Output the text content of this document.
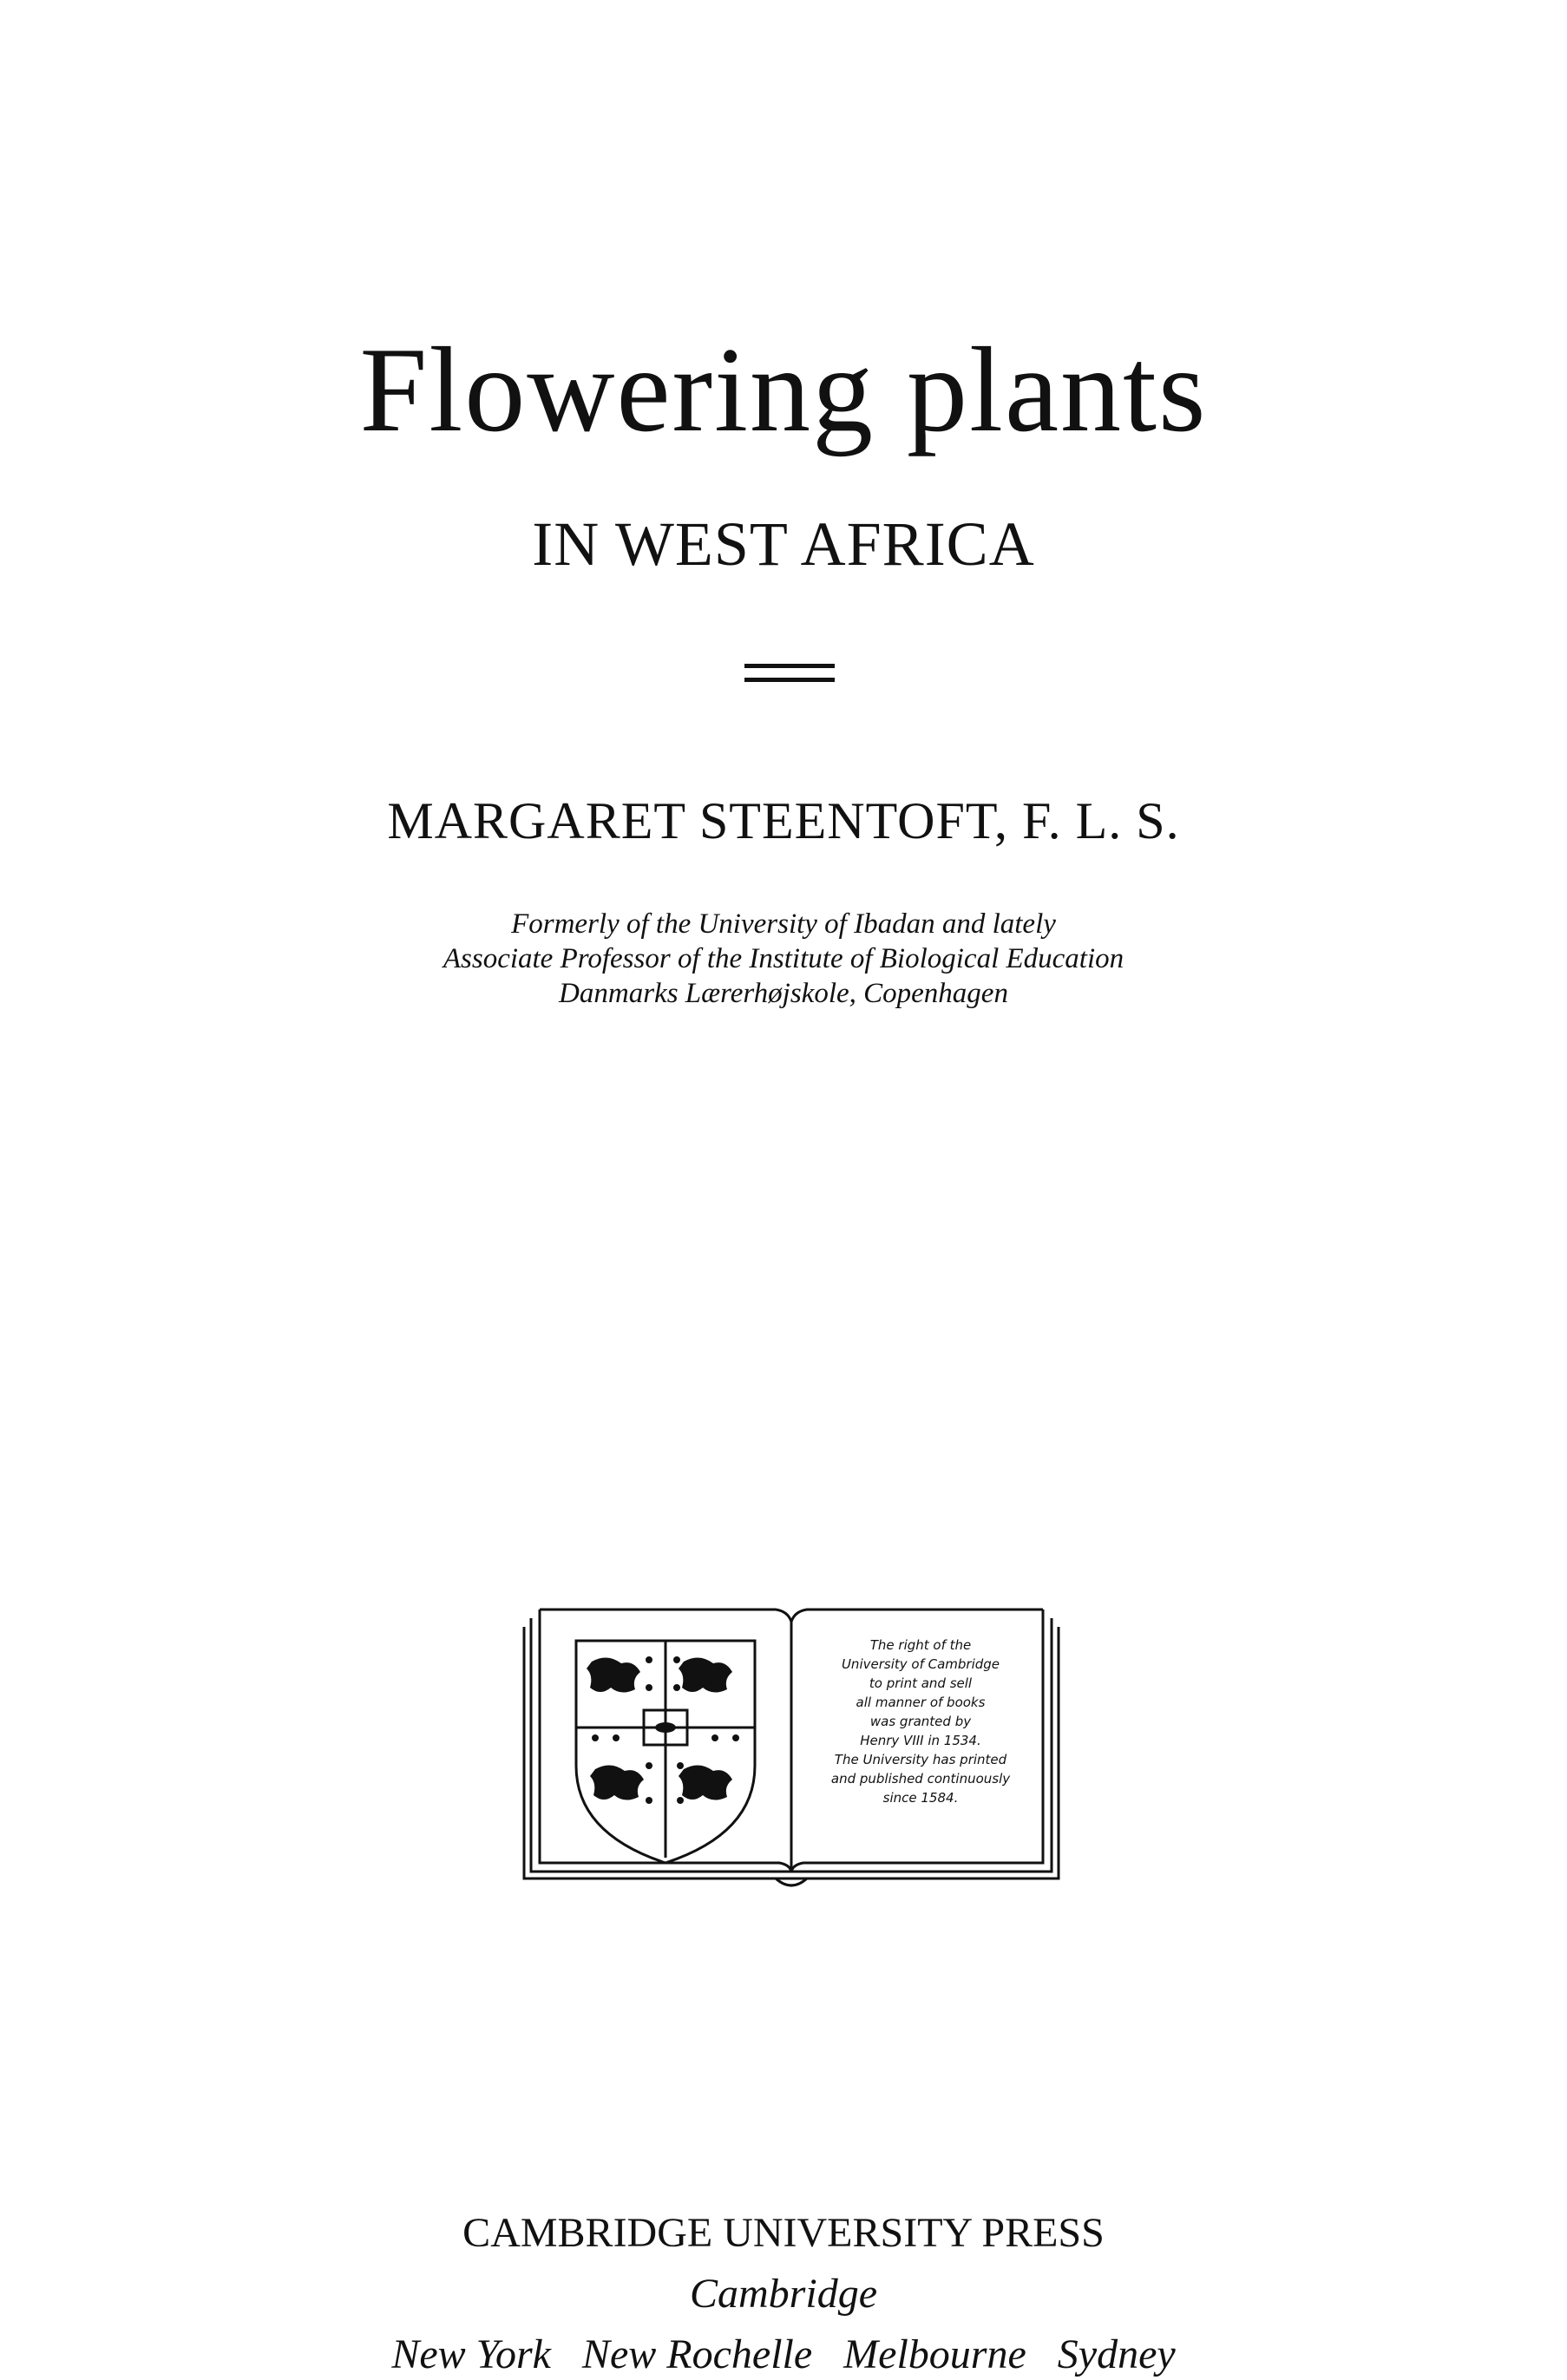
Flowering plants
IN WEST AFRICA
MARGARET STEENTOFT, F. L. S.
Formerly of the University of Ibadan and lately
Associate Professor of the Institute of Biological Education
Danmarks Lærerhøjskole, Copenhagen
The right of the
University of Cambridge
to print and sell
all manner of books
was granted by
Henry VIII in 1534.
The University has printed
and published continuously
since 1584.
CAMBRIDGE UNIVERSITY PRESS
Cambridge
New York   New Rochelle   Melbourne   Sydney
